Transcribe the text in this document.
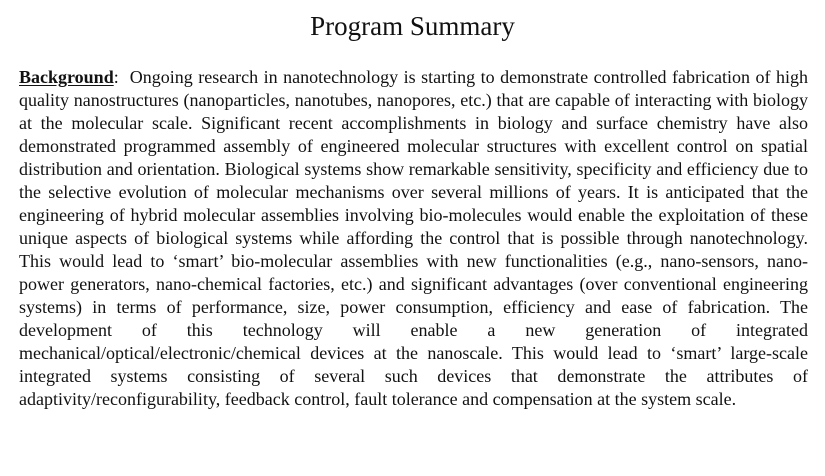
Program Summary

Background: Ongoing research in nanotechnology is starting to demonstrate controlled fabrication of high quality nanostructures (nanoparticles, nanotubes, nanopores, etc.) that are capable of interacting with biology at the molecular scale. Significant recent accomplishments in biology and surface chemistry have also demonstrated programmed assembly of engineered molecular structures with excellent control on spatial distribution and orientation. Biological systems show remarkable sensitivity, specificity and efficiency due to the selective evolution of molecular mechanisms over several millions of years. It is anticipated that the engineering of hybrid molecular assemblies involving bio-molecules would enable the exploitation of these unique aspects of biological systems while affording the control that is possible through nanotechnology. This would lead to ‘smart’ bio-molecular assemblies with new functionalities (e.g., nano-sensors, nano-power generators, nano-chemical factories, etc.) and significant advantages (over conventional engineering systems) in terms of performance, size, power consumption, efficiency and ease of fabrication. The development of this technology will enable a new generation of integrated mechanical/optical/electronic/chemical devices at the nanoscale. This would lead to ‘smart’ large-scale integrated systems consisting of several such devices that demonstrate the attributes of adaptivity/reconfigurability, feedback control, fault tolerance and compensation at the system scale.
